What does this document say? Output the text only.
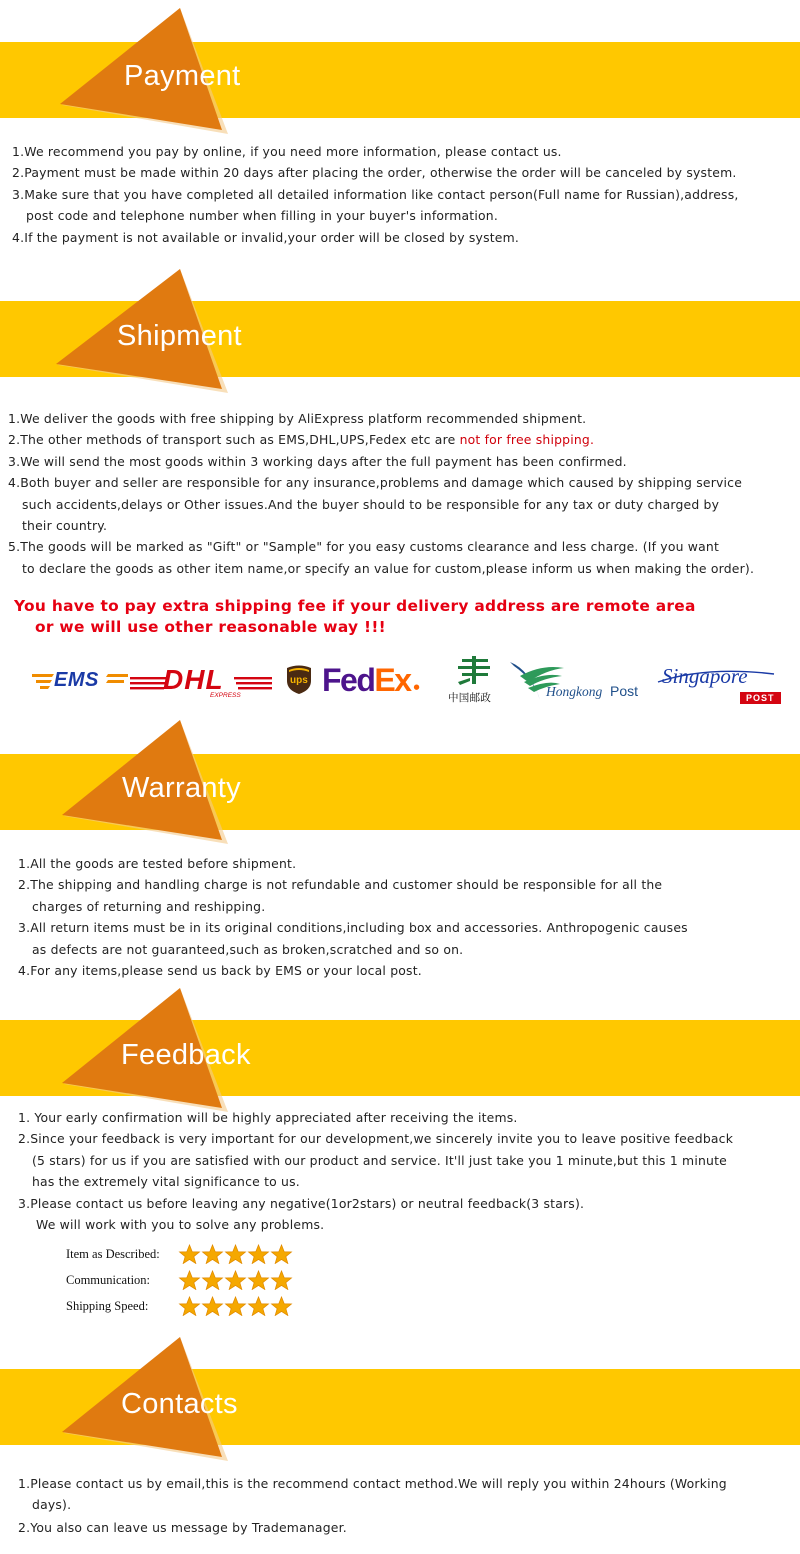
Payment
1.We recommend you pay by online, if you need more information, please contact us.
2.Payment must be made within 20 days after placing the order, otherwise the order will be canceled by system.
3.Make sure that you have completed all detailed information like contact person(Full name for Russian),address,
post code and telephone number when filling in your buyer's information.
4.If the payment is not available or invalid,your order will be closed by system.
Shipment
1.We deliver the goods with free shipping by AliExpress platform recommended shipment.
2.The other methods of transport such as EMS,DHL,UPS,Fedex etc are not for free shipping.
3.We will send the most goods within 3 working days after the full payment has been confirmed.
4.Both buyer and seller are responsible for any insurance,problems and damage which caused by shipping service
such accidents,delays or Other issues.And the buyer should to be responsible for any tax or duty charged by
their country.
5.The goods will be marked as "Gift" or "Sample" for you easy customs clearance and less charge. (If you want
to declare the goods as other item name,or specify an value for custom,please inform us when making the order).
You have to pay extra shipping fee if your delivery address are remote area
or we will use other reasonable way !!!
EMS DHL
EXPRESS
ups Fed Ex ●
中国邮政	Hongkong Post
Singapore
POST
Warranty
1.All the goods are tested before shipment.
2.The shipping and handling charge is not refundable and customer should be responsible for all the
charges of returning and reshipping.
3.All return items must be in its original conditions,including box and accessories. Anthropogenic causes
as defects are not guaranteed,such as broken,scratched and so on.
4.For any items,please send us back by EMS or your local post.
Feedback
1. Your early confirmation will be highly appreciated after receiving the items.
2.Since your feedback is very important for our development,we sincerely invite you to leave positive feedback
(5 stars) for us if you are satisfied with our product and service. It'll just take you 1 minute,but this 1 minute
has the extremely vital significance to us.
3.Please contact us before leaving any negative(1or2stars) or neutral feedback(3 stars).
We will work with you to solve any problems.
Item as Described:
Communication:
Shipping Speed:
Contacts
1.Please contact us by email,this is the recommend contact method.We will reply you within 24hours (Working
days).
2.You also can leave us message by Trademanager.
